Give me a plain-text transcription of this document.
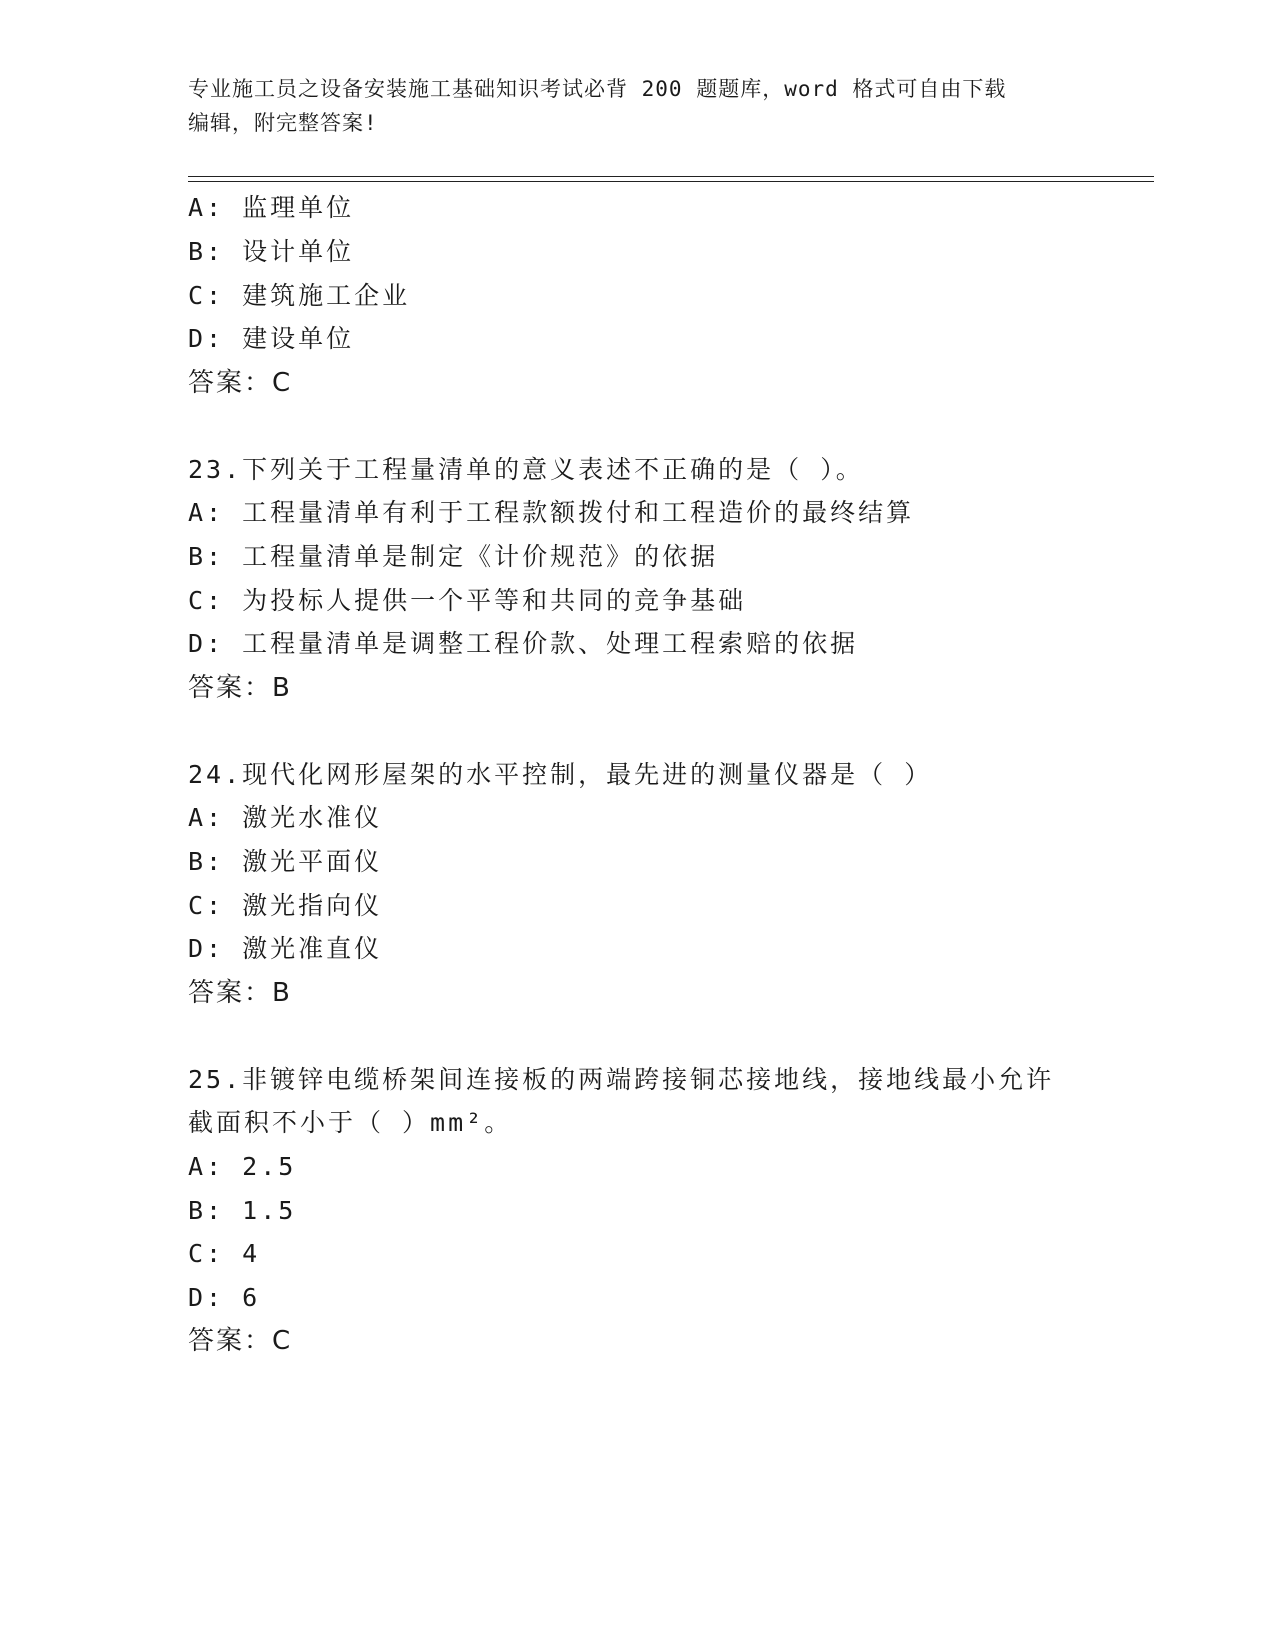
专业施工员之设备安装施工基础知识考试必背 200 题题库，word 格式可自由下载
编辑，附完整答案!
A: 监理单位
B: 设计单位
C: 建筑施工企业
D: 建设单位
答案：C
23.下列关于工程量清单的意义表述不正确的是（ ）。
A: 工程量清单有利于工程款额拨付和工程造价的最终结算
B: 工程量清单是制定《计价规范》的依据
C: 为投标人提供一个平等和共同的竞争基础
D: 工程量清单是调整工程价款、处理工程索赔的依据
答案：B
24.现代化网形屋架的水平控制，最先进的测量仪器是（ ）
A: 激光水准仪
B: 激光平面仪
C: 激光指向仪
D: 激光准直仪
答案：B
25.非镀锌电缆桥架间连接板的两端跨接铜芯接地线，接地线最小允许
截面积不小于（ ）mm²。
A: 2.5
B: 1.5
C: 4
D: 6
答案：C
